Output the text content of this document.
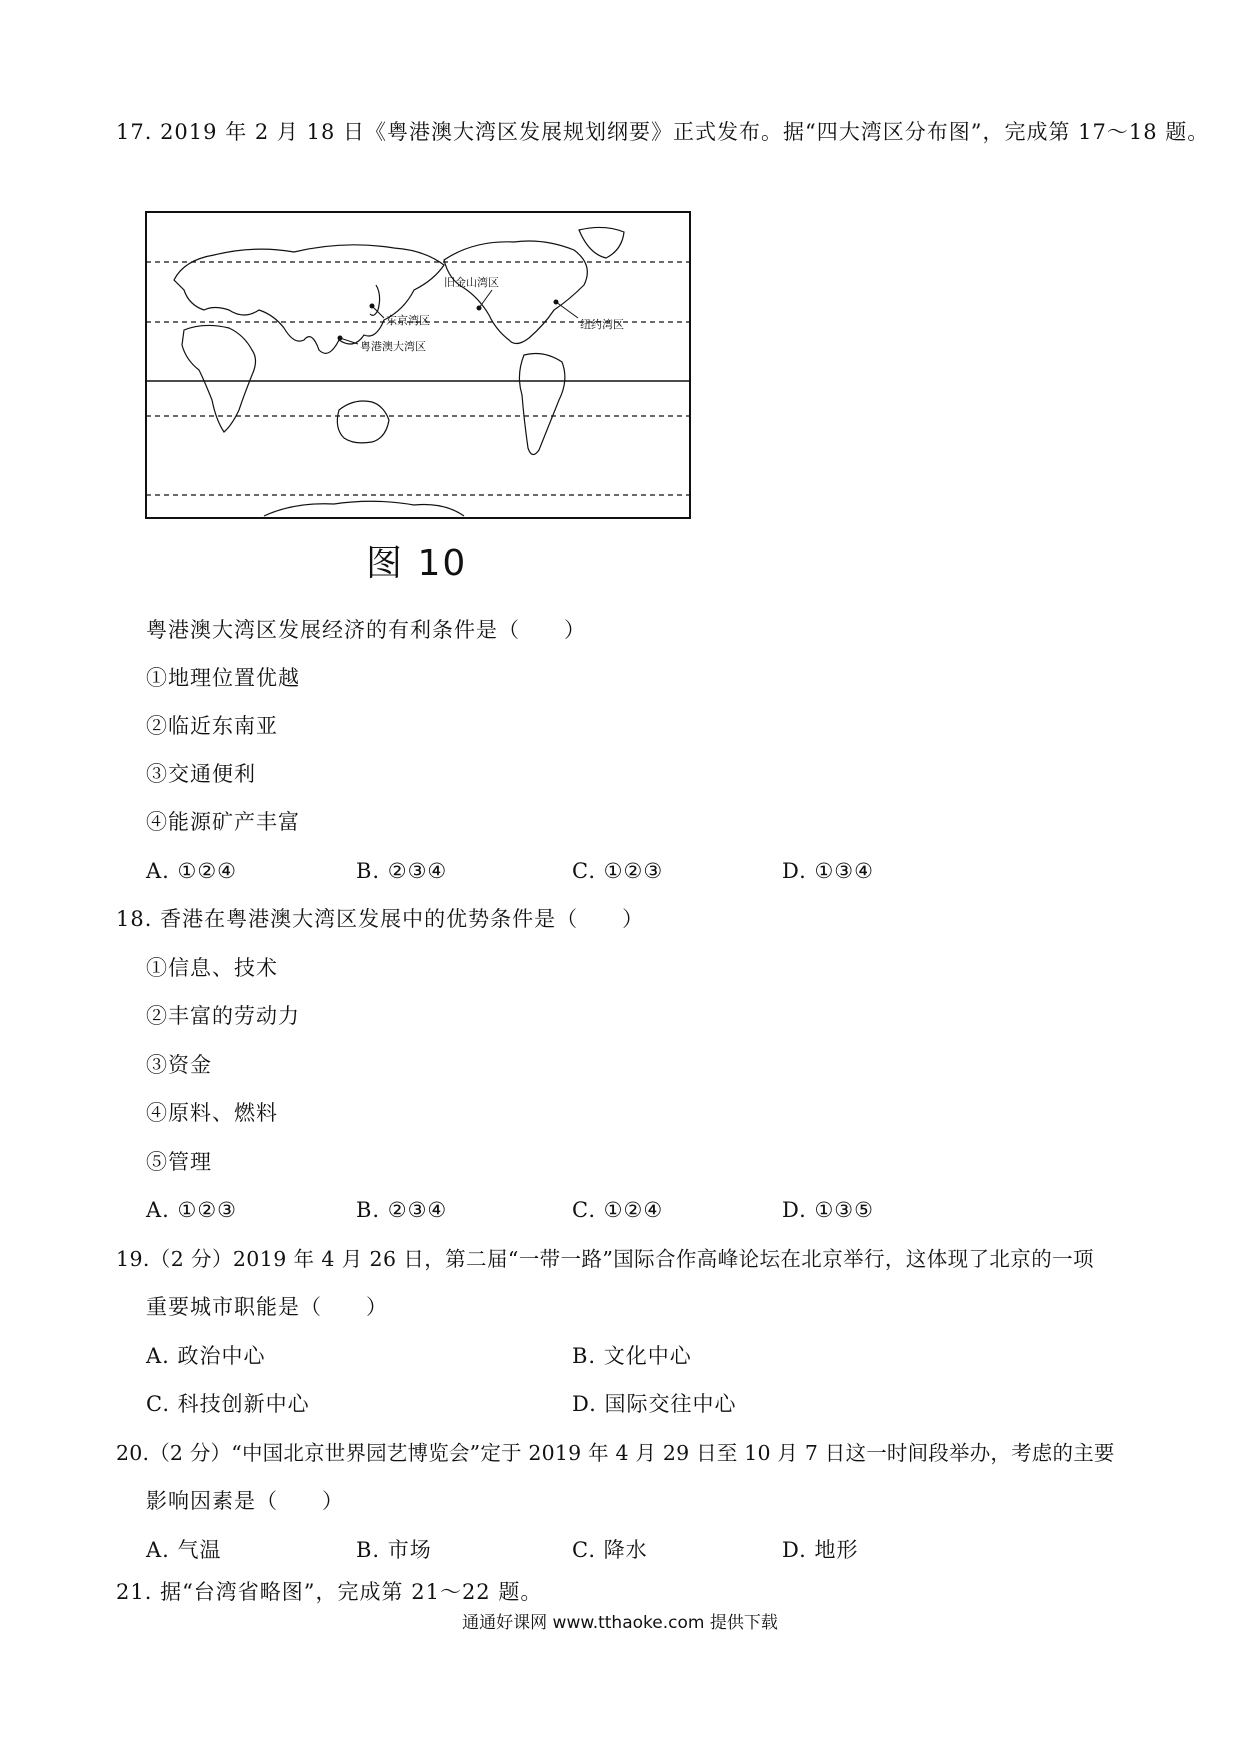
17. 2019 年 2 月 18 日《粤港澳大湾区发展规划纲要》正式发布。据“四大湾区分布图”，完成第 17～18 题。
东京湾区
粤港澳大湾区
旧金山湾区
纽约湾区
图 10
粤港澳大湾区发展经济的有利条件是（　　）
①地理位置优越
②临近东南亚
③交通便利
④能源矿产丰富
A. ①②④	B. ②③④	C. ①②③	D. ①③④
18. 香港在粤港澳大湾区发展中的优势条件是（　　）
①信息、技术
②丰富的劳动力
③资金
④原料、燃料
⑤管理
A. ①②③	B. ②③④	C. ①②④	D. ①③⑤
19.（2 分）2019 年 4 月 26 日，第二届“一带一路”国际合作高峰论坛在北京举行，这体现了北京的一项
重要城市职能是（　　）
A. 政治中心	B. 文化中心
C. 科技创新中心	D. 国际交往中心
20.（2 分）“中国北京世界园艺博览会”定于 2019 年 4 月 29 日至 10 月 7 日这一时间段举办，考虑的主要
影响因素是（　　）
A. 气温	B. 市场	C. 降水	D. 地形
21. 据“台湾省略图”，完成第 21～22 题。
通通好课网 www.tthaoke.com 提供下载
